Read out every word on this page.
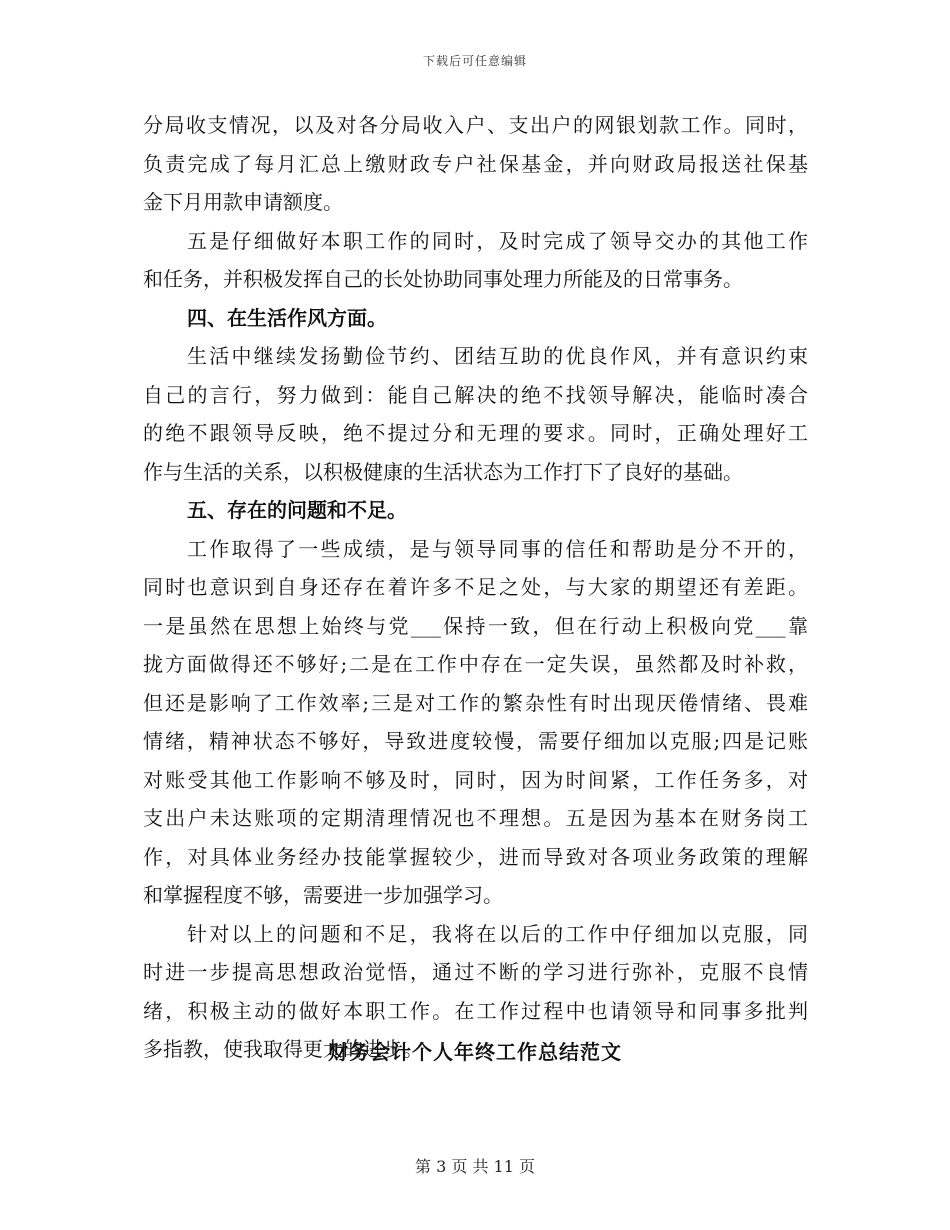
下载后可任意编辑
分局收支情况，以及对各分局收入户、支出户的网银划款工作。同时，
负责完成了每月汇总上缴财政专户社保基金，并向财政局报送社保基
金下月用款申请额度。
五是仔细做好本职工作的同时，及时完成了领导交办的其他工作
和任务，并积极发挥自己的长处协助同事处理力所能及的日常事务。
四、在生活作风方面。
生活中继续发扬勤俭节约、团结互助的优良作风，并有意识约束
自己的言行，努力做到：能自己解决的绝不找领导解决，能临时凑合
的绝不跟领导反映，绝不提过分和无理的要求。同时，正确处理好工
作与生活的关系，以积极健康的生活状态为工作打下了良好的基础。
五、存在的问题和不足。
工作取得了一些成绩，是与领导同事的信任和帮助是分不开的，
同时也意识到自身还存在着许多不足之处，与大家的期望还有差距。
一是虽然在思想上始终与党___保持一致，但在行动上积极向党___靠
拢方面做得还不够好;二是在工作中存在一定失误，虽然都及时补救，
但还是影响了工作效率;三是对工作的繁杂性有时出现厌倦情绪、畏难
情绪，精神状态不够好，导致进度较慢，需要仔细加以克服;四是记账
对账受其他工作影响不够及时，同时，因为时间紧，工作任务多，对
支出户未达账项的定期清理情况也不理想。五是因为基本在财务岗工
作，对具体业务经办技能掌握较少，进而导致对各项业务政策的理解
和掌握程度不够，需要进一步加强学习。
针对以上的问题和不足，我将在以后的工作中仔细加以克服，同
时进一步提高思想政治觉悟，通过不断的学习进行弥补，克服不良情
绪，积极主动的做好本职工作。在工作过程中也请领导和同事多批判
多指教，使我取得更大的进步。
财务会计个人年终工作总结范文
第 3 页 共 11 页
